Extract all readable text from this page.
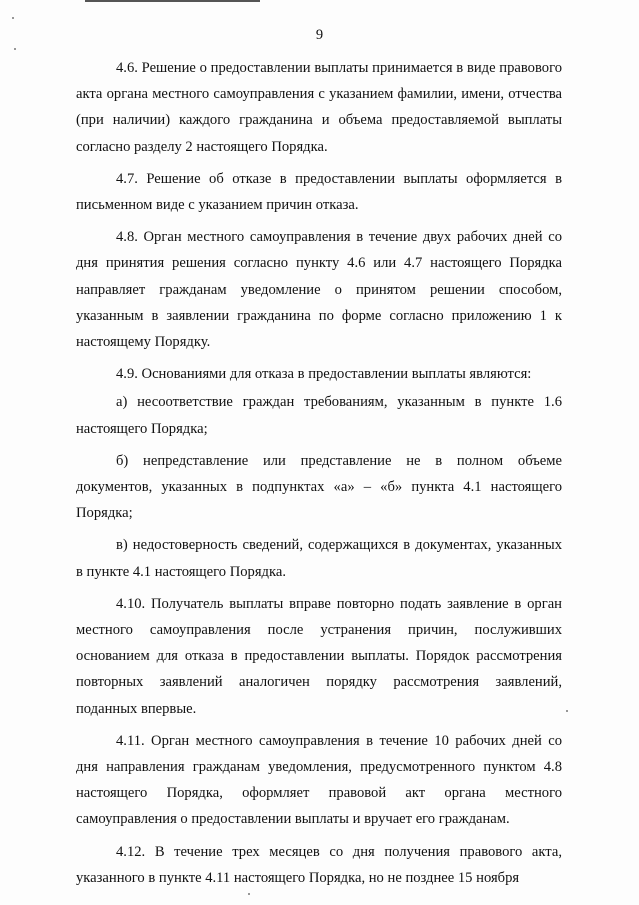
9

4.6. Решение о предоставлении выплаты принимается в виде правового акта органа местного самоуправления с указанием фамилии, имени, отчества (при наличии) каждого гражданина и объема предоставляемой выплаты согласно разделу 2 настоящего Порядка.

4.7. Решение об отказе в предоставлении выплаты оформляется в письменном виде с указанием причин отказа.

4.8. Орган местного самоуправления в течение двух рабочих дней со дня принятия решения согласно пункту 4.6 или 4.7 настоящего Порядка направляет гражданам уведомление о принятом решении способом, указанным в заявлении гражданина по форме согласно приложению 1 к настоящему Порядку.

4.9. Основаниями для отказа в предоставлении выплаты являются:

а) несоответствие граждан требованиям, указанным в пункте 1.6 настоящего Порядка;

б) непредставление или представление не в полном объеме документов, указанных в подпунктах «а» – «б» пункта 4.1 настоящего Порядка;

в) недостоверность сведений, содержащихся в документах, указанных в пункте 4.1 настоящего Порядка.

4.10. Получатель выплаты вправе повторно подать заявление в орган местного самоуправления после устранения причин, послуживших основанием для отказа в предоставлении выплаты. Порядок рассмотрения повторных заявлений аналогичен порядку рассмотрения заявлений, поданных впервые.

4.11. Орган местного самоуправления в течение 10 рабочих дней со дня направления гражданам уведомления, предусмотренного пунктом 4.8 настоящего Порядка, оформляет правовой акт органа местного самоуправления о предоставлении выплаты и вручает его гражданам.

4.12. В течение трех месяцев со дня получения правового акта, указанного в пункте 4.11 настоящего Порядка, но не позднее 15 ноября
